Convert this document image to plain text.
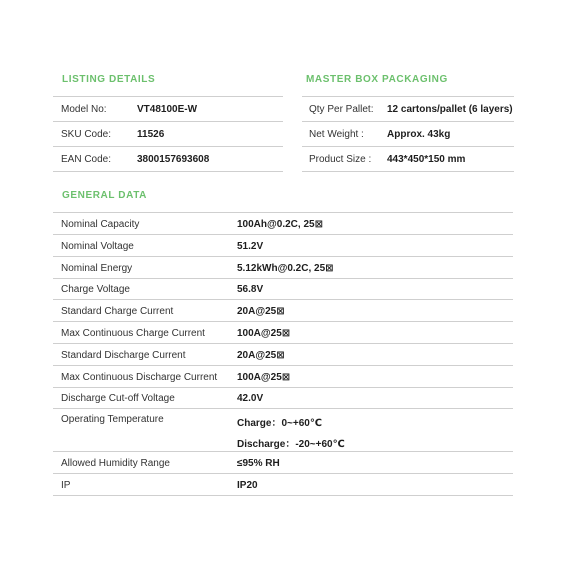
LISTING DETAILS
Model No:	VT48100E-W
SKU Code:	11526
EAN Code:	3800157693608
MASTER BOX PACKAGING
Qty Per Pallet:	12 cartons/pallet (6 layers)
Net Weight :	Approx. 43kg
Product Size :	443*450*150 mm
GENERAL DATA
Nominal Capacity	100Ah@0.2C, 25⊠
Nominal Voltage	51.2V
Nominal Energy	5.12kWh@0.2C, 25⊠
Charge Voltage	56.8V
Standard Charge Current	20A@25⊠
Max Continuous Charge Current	100A@25⊠
Standard Discharge Current	20A@25⊠
Max Continuous Discharge Current	100A@25⊠
Discharge Cut-off Voltage	42.0V
Operating Temperature	Charge：0~+60℃
Discharge：-20~+60℃
Allowed Humidity Range	≤95% RH
IP	IP20
